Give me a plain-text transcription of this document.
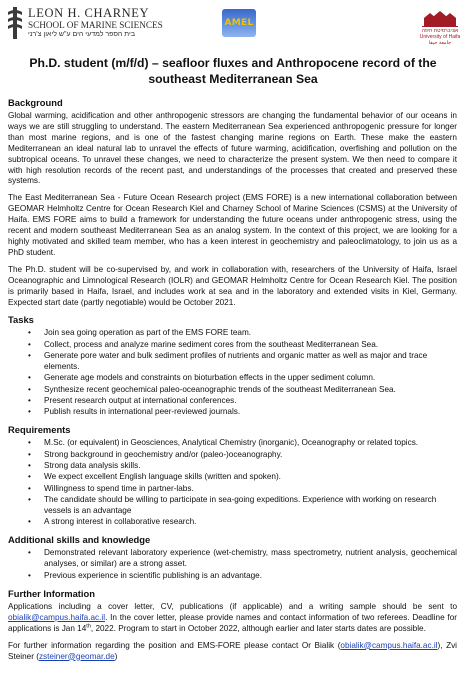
LEON H. CHARNEY
SCHOOL OF MARINE SCIENCES
בית הספר למדעי הים ע"ש ליאון צ'רני
AMEL
אוניברסיטת חיפה
University of Haifa
جامعة حيفا
Ph.D. student (m/f/d) – seafloor fluxes and Anthropocene record of the southeast Mediterranean Sea
Background

Global warming, acidification and other anthropogenic stressors are changing the fundamental behavior of our oceans in ways we are still struggling to understand. The eastern Mediterranean Sea experienced anthropogenic pressure for longer than most marine regions, and is one of the fastest changing marine regions on Earth. These make the eastern Mediterranean an ideal natural lab to unravel the effects of future warming, acidification, overfishing and pollution on the subtropical oceans. To unravel these changes, we need to characterize the present system. We then need to compare it with high resolution records of the recent past, and understandings of the processes that created and preserved these systems.

The East Mediterranean Sea - Future Ocean Research project (EMS FORE) is a new international collaboration between GEOMAR Helmholtz Centre for Ocean Research Kiel and Charney School of Marine Sciences (CSMS) at the University of Haifa. EMS FORE aims to build a framework for understanding the future oceans under anthropogenic stress, using the recent and modern southeast Mediterranean Sea as an analog system. In the context of this project, we are looking for a highly motivated and skilled team member, who has a keen interest in geochemistry and paleoclimatology, to join us as a PhD student.

The Ph.D. student will be co-supervised by, and work in collaboration with, researchers of the University of Haifa, Israel Oceanographic and Limnological Research (IOLR) and GEOMAR Helmholtz Centre for Ocean Research Kiel. The position is primarily based in Haifa, Israel, and includes work at sea and in the laboratory and extended visits in Kiel, Germany. Expected start date (partly negotiable) would be October 2021.

Tasks
• Join sea going operation as part of the EMS FORE team.
• Collect, process and analyze marine sediment cores from the southeast Mediterranean Sea.
• Generate pore water and bulk sediment profiles of nutrients and organic matter as well as major and trace elements.
• Generate age models and constraints on bioturbation effects in the upper sediment column.
• Synthesize recent geochemical paleo-oceanographic trends of the southeast Mediterranean Sea.
• Present research output at international conferences.
• Publish results in international peer-reviewed journals.
Requirements
• M.Sc. (or equivalent) in Geosciences, Analytical Chemistry (inorganic), Oceanography or related topics.
• Strong background in geochemistry and/or (paleo-)oceanography.
• Strong data analysis skills.
• We expect excellent English language skills (written and spoken).
• Willingness to spend time in partner-labs.
• The candidate should be willing to participate in sea-going expeditions. Experience with working on research vessels is an advantage
• A strong interest in collaborative research.
Additional skills and knowledge
• Demonstrated relevant laboratory experience (wet-chemistry, mass spectrometry, nutrient analysis, geochemical analyses, or similar) are a strong asset.
• Previous experience in scientific publishing is an advantage.
Further Information

Applications including a cover letter, CV, publications (if applicable) and a writing sample should be sent to obialik@campus.haifa.ac.il. In the cover letter, please provide names and contact information of two referees. Deadline for applications is Jan 14th, 2022. Program to start in October 2022, although earlier and later starts dates are possible.

For further information regarding the position and EMS-FORE please contact Or Bialik (obialik@campus.haifa.ac.il), Zvi Steiner (zsteiner@geomar.de)
